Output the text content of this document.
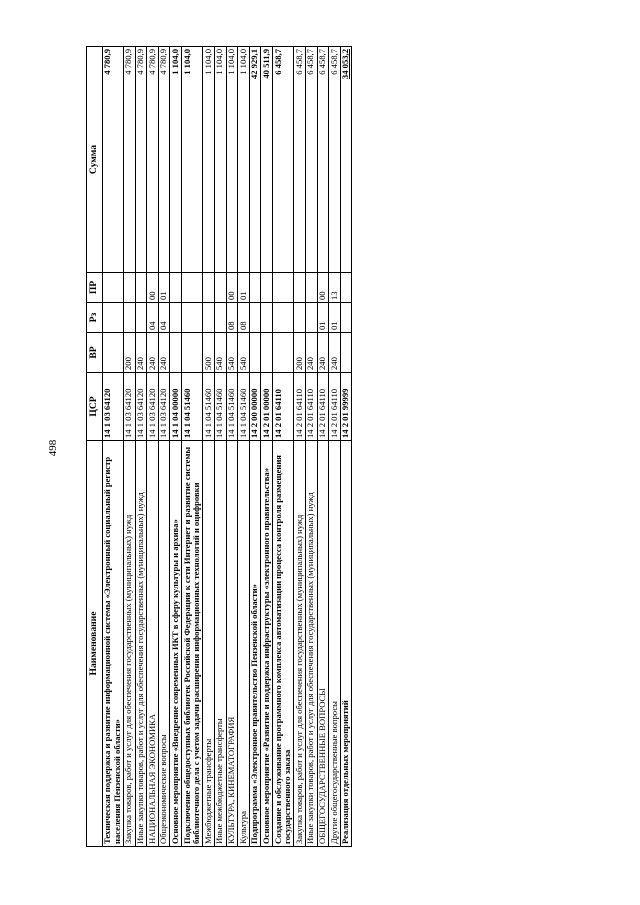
498
Наименование	ЦСР	ВР	Рз	ПР	Сумма
Техническая поддержка и развитие информационной системы «Электронный социальный регистр населения Пензенской области»	14 1 03 64120				4 780,9
Закупка товаров, работ и услуг для обеспечения государственных (муниципальных) нужд	14 1 03 64120	200			4 780,9
Иные закупки товаров, работ и услуг для обеспечения государственных (муниципальных) нужд	14 1 03 64120	240			4 780,9
НАЦИОНАЛЬНАЯ ЭКОНОМИКА	14 1 03 64120	240	04	00	4 780,9
Общеэкономические вопросы	14 1 03 64120	240	04	01	4 780,9
Основное мероприятие «Внедрение современных ИКТ в сферу культуры и архива»	14 1 04 00000				1 104,0
Подключение общедоступных библиотек Российской Федерации к сети Интернет и развитие системы библиотечного дела с учетом задачи расширения информационных технологий и оцифровки	14 1 04 51460				1 104,0
Межбюджетные трансферты	14 1 04 51460	500			1 104,0
Иные межбюджетные трансферты	14 1 04 51460	540			1 104,0
КУЛЬТУРА, КИНЕМАТОГРАФИЯ	14 1 04 51460	540	08	00	1 104,0
Культура	14 1 04 51460	540	08	01	1 104,0
Подпрограмма «Электронное правительство Пензенской области»	14 2 00 00000				42 929,1
Основное мероприятие «Развитие и поддержка инфраструктуры «электронного правительства»	14 2 01 00000				40 511,9
Создание и обслуживание программного комплекса автоматизации процесса контроля размещения государственного заказа	14 2 01 64110				6 458,7
Закупка товаров, работ и услуг для обеспечения государственных (муниципальных) нужд	14 2 01 64110	200			6 458,7
Иные закупки товаров, работ и услуг для обеспечения государственных (муниципальных) нужд	14 2 01 64110	240			6 458,7
ОБЩЕГОСУДАРСТВЕННЫЕ ВОПРОСЫ	14 2 01 64110	240	01	00	6 458,7
Другие общегосударственные вопросы	14 2 01 64110	240	01	13	6 458,7
Реализация отдельных мероприятий	14 2 01 99999				34 053,2
